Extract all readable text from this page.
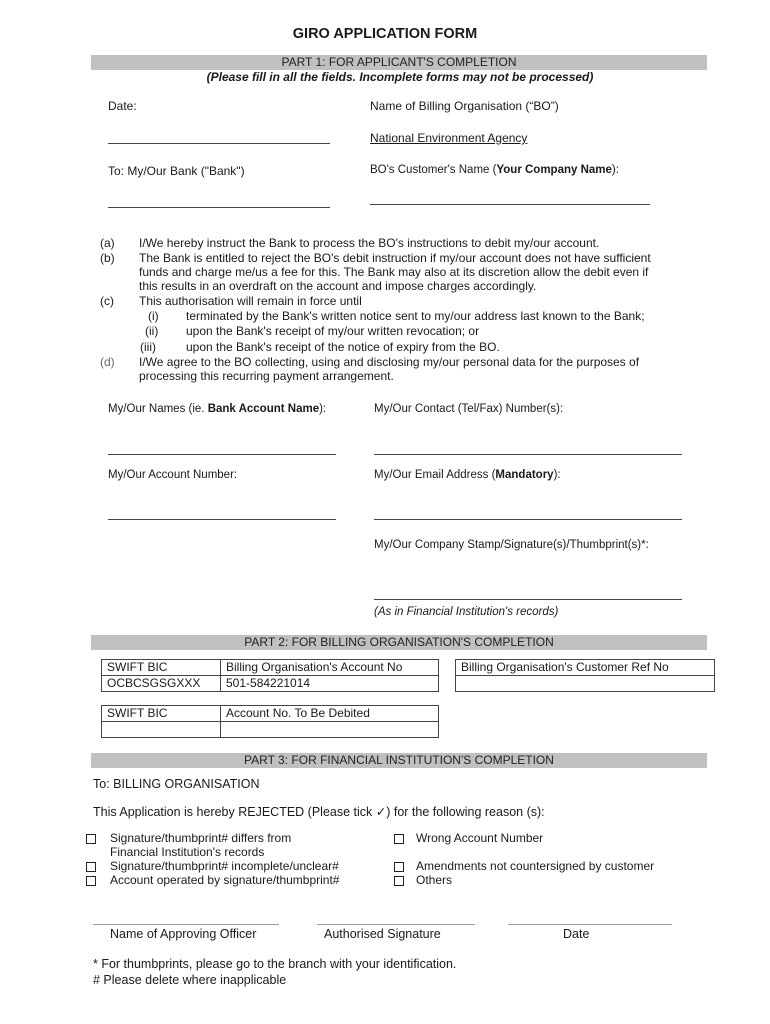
GIRO APPLICATION FORM
PART 1: FOR APPLICANT'S COMPLETION
(Please fill in all the fields. Incomplete forms may not be processed)
Date:	Name of Billing Organisation (“BO”)
National Environment Agency
To: My/Our Bank ("Bank")	BO's Customer's Name (Your Company Name):
(a) I/We hereby instruct the Bank to process the BO's instructions to debit my/our account.
(b) The Bank is entitled to reject the BO's debit instruction if my/our account does not have sufficient
funds and charge me/us a fee for this. The Bank may also at its discretion allow the debit even if
this results in an overdraft on the account and impose charges accordingly.
(c) This authorisation will remain in force until
(i) terminated by the Bank's written notice sent to my/our address last known to the Bank;
(ii) upon the Bank's receipt of my/our written revocation; or
(iii)	upon the Bank's receipt of the notice of expiry from the BO.
(d) I/We agree to the BO collecting, using and disclosing my/our personal data for the purposes of
processing this recurring payment arrangement.
My/Our Names (ie. Bank Account Name):	My/Our Contact (Tel/Fax) Number(s):
My/Our Account Number:	My/Our Email Address (Mandatory):
My/Our Company Stamp/Signature(s)/Thumbprint(s)*:
(As in Financial Institution's records)
PART 2: FOR BILLING ORGANISATION'S COMPLETION
SWIFT BIC	Billing Organisation's Account No
OCBCSGSGXXX	501-584221014
Billing Organisation's Customer Ref No

SWIFT BIC	Account No. To Be Debited

PART 3: FOR FINANCIAL INSTITUTION'S COMPLETION
To: BILLING ORGANISATION
This Application is hereby REJECTED (Please tick ✓) for the following reason (s):
Signature/thumbprint# differs from
Financial Institution's records
Signature/thumbprint# incomplete/unclear#
Account operated by signature/thumbprint#
Wrong Account Number
Amendments not countersigned by customer
Others
Name of Approving Officer	Authorised Signature	Date
* For thumbprints, please go to the branch with your identification.
# Please delete where inapplicable
